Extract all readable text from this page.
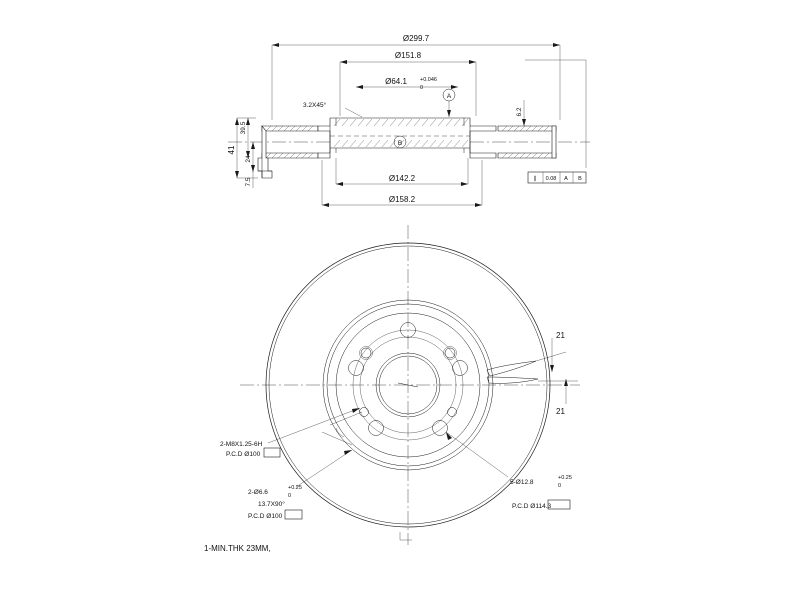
B
Ø299.7
Ø151.8
Ø64.1 +0.046
0
A
3.2X45°
Ø142.2
Ø158.2
41
39.5
24
7.5
6.2
∥ 0.08 A B
21
21
2-M8X1.25-6H
P.C.D Ø100
2-Ø6.6
+0.25
0
13.7X90°
P.C.D Ø100
5-Ø12.8
+0.25
0
P.C.D Ø114.3
1-MIN.THK 23MM,
